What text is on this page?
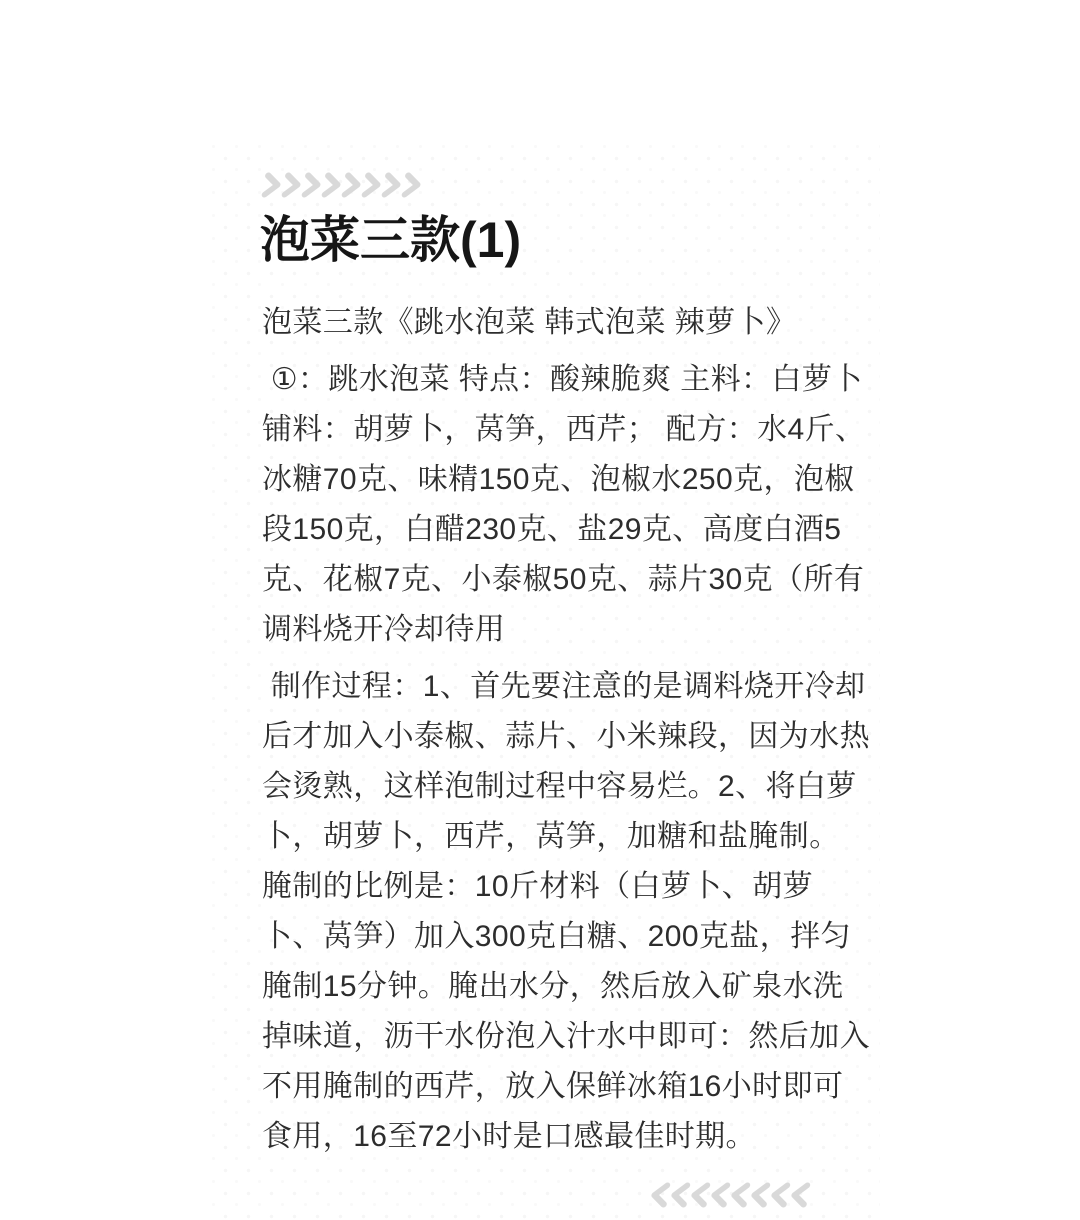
泡菜三款(1)
泡菜三款《跳水泡菜 韩式泡菜 辣萝卜》
①：跳水泡菜 特点：酸辣脆爽 主料：白萝卜
铺料：胡萝卜，莴笋，西芹； 配方：水4斤、
冰糖70克、味精150克、泡椒水250克，泡椒
段150克，白醋230克、盐29克、高度白酒5
克、花椒7克、小泰椒50克、蒜片30克（所有
调料烧开冷却待用
制作过程：1、首先要注意的是调料烧开冷却
后才加入小泰椒、蒜片、小米辣段，因为水热
会烫熟，这样泡制过程中容易烂。2、将白萝
卜，胡萝卜，西芹，莴笋，加糖和盐腌制。
腌制的比例是：10斤材料（白萝卜、胡萝
卜、莴笋）加入300克白糖、200克盐，拌匀
腌制15分钟。腌出水分，然后放入矿泉水洗
掉味道，沥干水份泡入汁水中即可：然后加入
不用腌制的西芹，放入保鲜冰箱16小时即可
食用，16至72小时是口感最佳时期。
